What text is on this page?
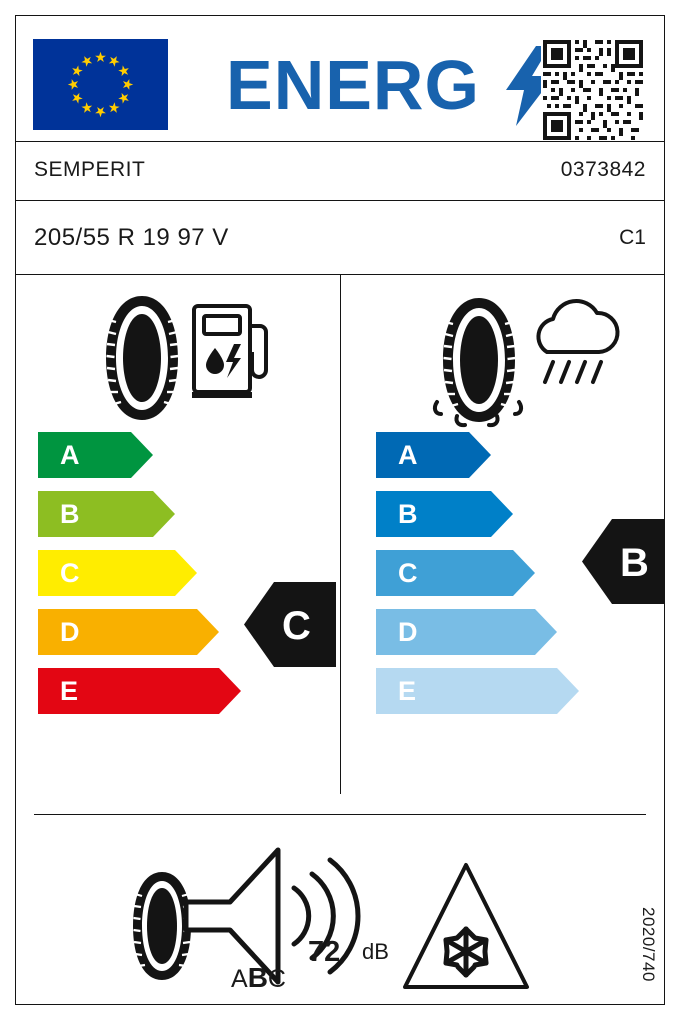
ENERG
SEMPERIT	0373842
205/55 R 19 97 V	C1
A
B
C
D
E
A
B
C
D
E
C
B
72 dB
ABC	2020/740
